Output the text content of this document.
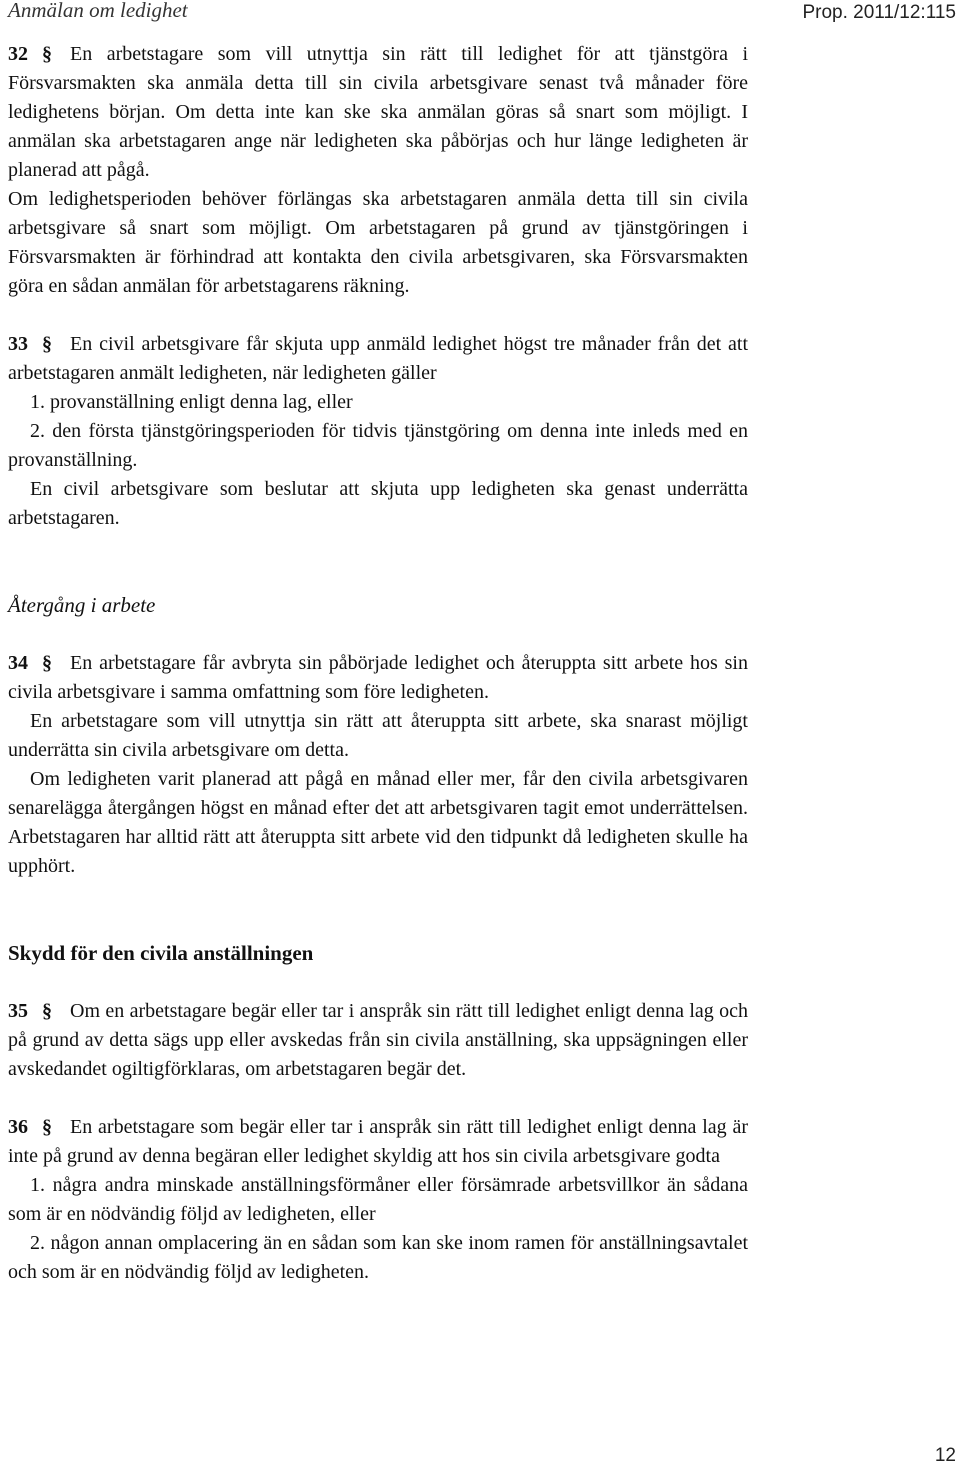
Anmälan om ledighet	Prop. 2011/12:115

32 § En arbetstagare som vill utnyttja sin rätt till ledighet för att tjänstgöra i Försvarsmakten ska anmäla detta till sin civila arbetsgivare senast två månader före ledighetens början. Om detta inte kan ske ska anmälan göras så snart som möjligt. I anmälan ska arbetstagaren ange när ledigheten ska påbörjas och hur länge ledigheten är planerad att pågå.

Om ledighetsperioden behöver förlängas ska arbetstagaren anmäla detta till sin civila arbetsgivare så snart som möjligt. Om arbetstagaren på grund av tjänstgöringen i Försvarsmakten är förhindrad att kontakta den civila arbetsgivaren, ska Försvarsmakten göra en sådan anmälan för arbetstagarens räkning.

33 § En civil arbetsgivare får skjuta upp anmäld ledighet högst tre månader från det att arbetstagaren anmält ledigheten, när ledigheten gäller

1. provanställning enligt denna lag, eller

2. den första tjänstgöringsperioden för tidvis tjänstgöring om denna inte inleds med en provanställning.

En civil arbetsgivare som beslutar att skjuta upp ledigheten ska genast underrätta arbetstagaren.

Återgång i arbete

34 § En arbetstagare får avbryta sin påbörjade ledighet och återuppta sitt arbete hos sin civila arbetsgivare i samma omfattning som före ledigheten.

En arbetstagare som vill utnyttja sin rätt att återuppta sitt arbete, ska snarast möjligt underrätta sin civila arbetsgivare om detta.

Om ledigheten varit planerad att pågå en månad eller mer, får den civila arbetsgivaren senarelägga återgången högst en månad efter det att arbetsgivaren tagit emot underrättelsen. Arbetstagaren har alltid rätt att återuppta sitt arbete vid den tidpunkt då ledigheten skulle ha upphört.

Skydd för den civila anställningen

35 § Om en arbetstagare begär eller tar i anspråk sin rätt till ledighet enligt denna lag och på grund av detta sägs upp eller avskedas från sin civila anställning, ska uppsägningen eller avskedandet ogiltigförklaras, om arbetstagaren begär det.

36 § En arbetstagare som begär eller tar i anspråk sin rätt till ledighet enligt denna lag är inte på grund av denna begäran eller ledighet skyldig att hos sin civila arbetsgivare godta

1. några andra minskade anställningsförmåner eller försämrade arbetsvillkor än sådana som är en nödvändig följd av ledigheten, eller

2. någon annan omplacering än en sådan som kan ske inom ramen för anställningsavtalet och som är en nödvändig följd av ledigheten.

12
